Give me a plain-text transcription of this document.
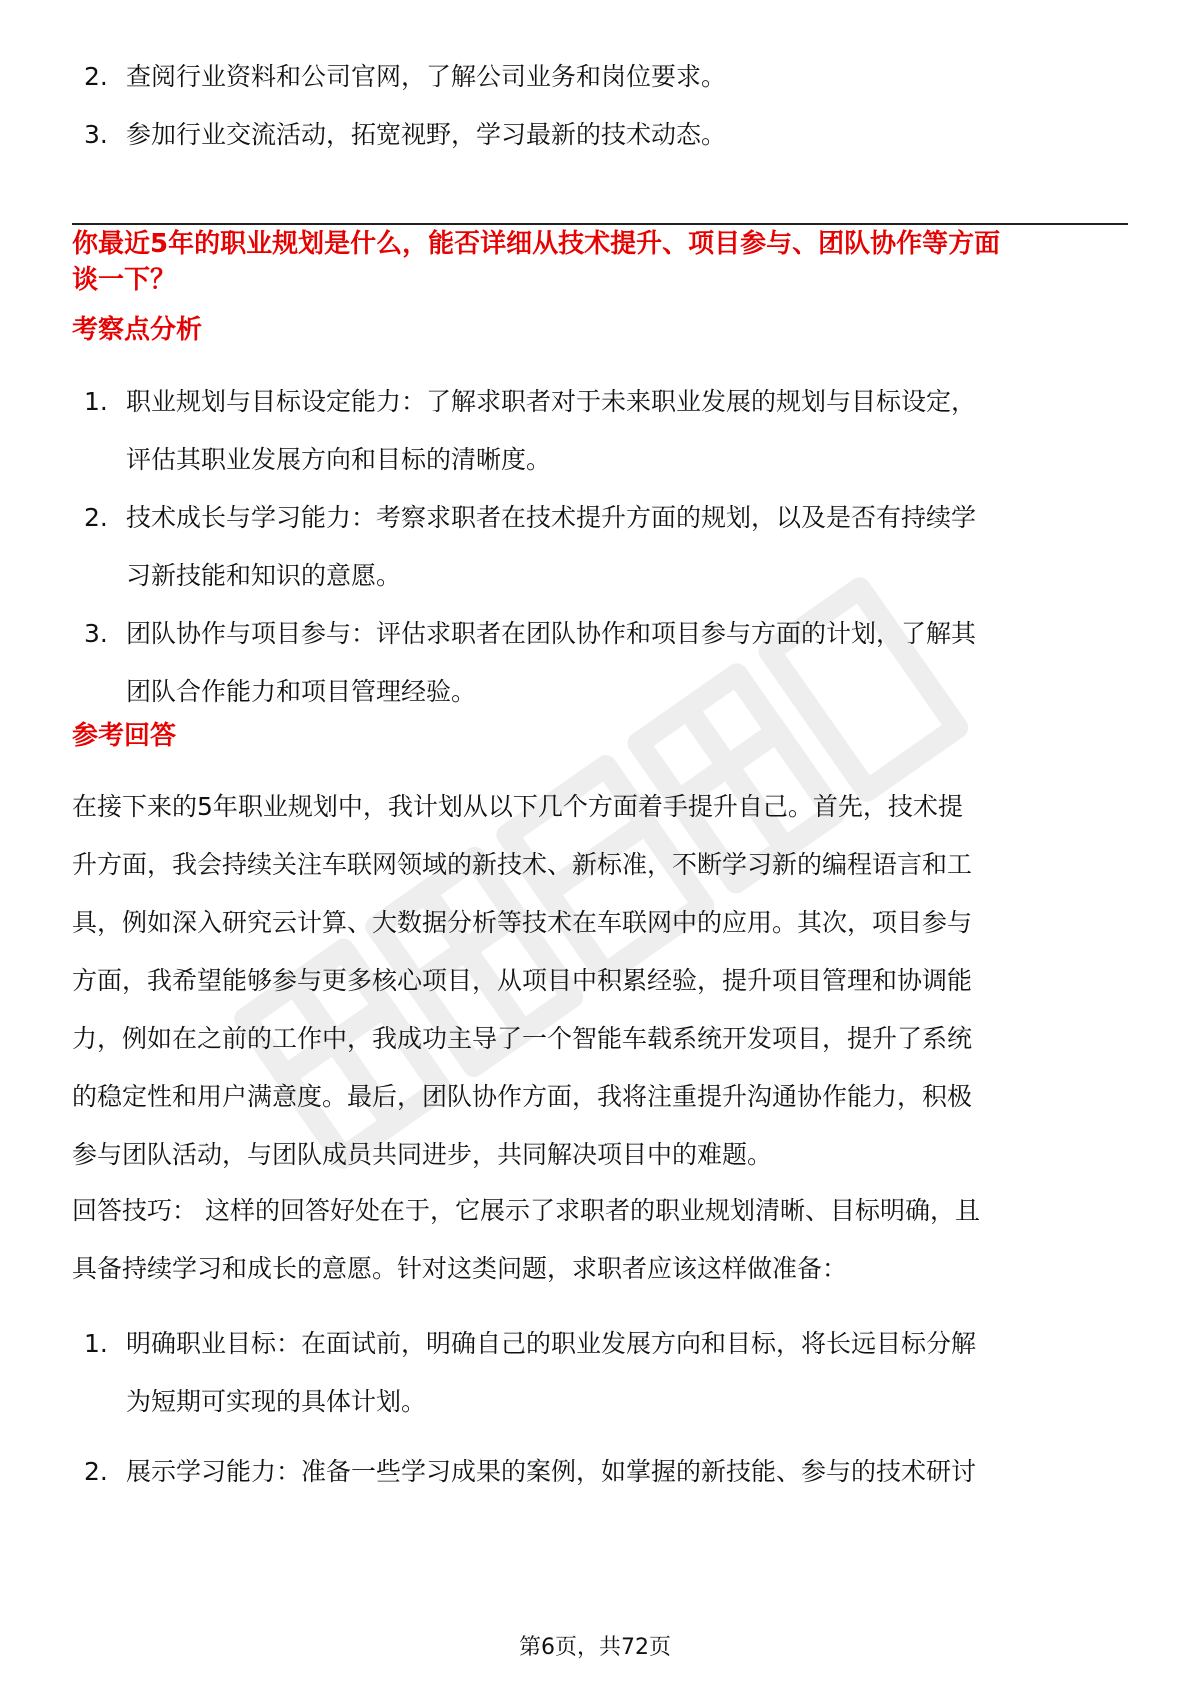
2. 查阅行业资料和公司官网，了解公司业务和岗位要求。
3. 参加行业交流活动，拓宽视野，学习最新的技术动态。

你最近5年的职业规划是什么，能否详细从技术提升、项目参与、团队协作等方面
谈一下？

考察点分析

1. 职业规划与目标设定能力：了解求职者对于未来职业发展的规划与目标设定，
评估其职业发展方向和目标的清晰度。
2. 技术成长与学习能力：考察求职者在技术提升方面的规划，以及是否有持续学
习新技能和知识的意愿。
3. 团队协作与项目参与：评估求职者在团队协作和项目参与方面的计划，了解其
团队合作能力和项目管理经验。

参考回答

在接下来的5年职业规划中，我计划从以下几个方面着手提升自己。首先，技术提
升方面，我会持续关注车联网领域的新技术、新标准，不断学习新的编程语言和工
具，例如深入研究云计算、大数据分析等技术在车联网中的应用。其次，项目参与
方面，我希望能够参与更多核心项目，从项目中积累经验，提升项目管理和协调能
力，例如在之前的工作中，我成功主导了一个智能车载系统开发项目，提升了系统
的稳定性和用户满意度。最后，团队协作方面，我将注重提升沟通协作能力，积极
参与团队活动，与团队成员共同进步，共同解决项目中的难题。

回答技巧： 这样的回答好处在于，它展示了求职者的职业规划清晰、目标明确，且
具备持续学习和成长的意愿。针对这类问题，求职者应该这样做准备：

1. 明确职业目标：在面试前，明确自己的职业发展方向和目标，将长远目标分解
为短期可实现的具体计划。
2. 展示学习能力：准备一些学习成果的案例，如掌握的新技能、参与的技术研讨
第6页，共72页
